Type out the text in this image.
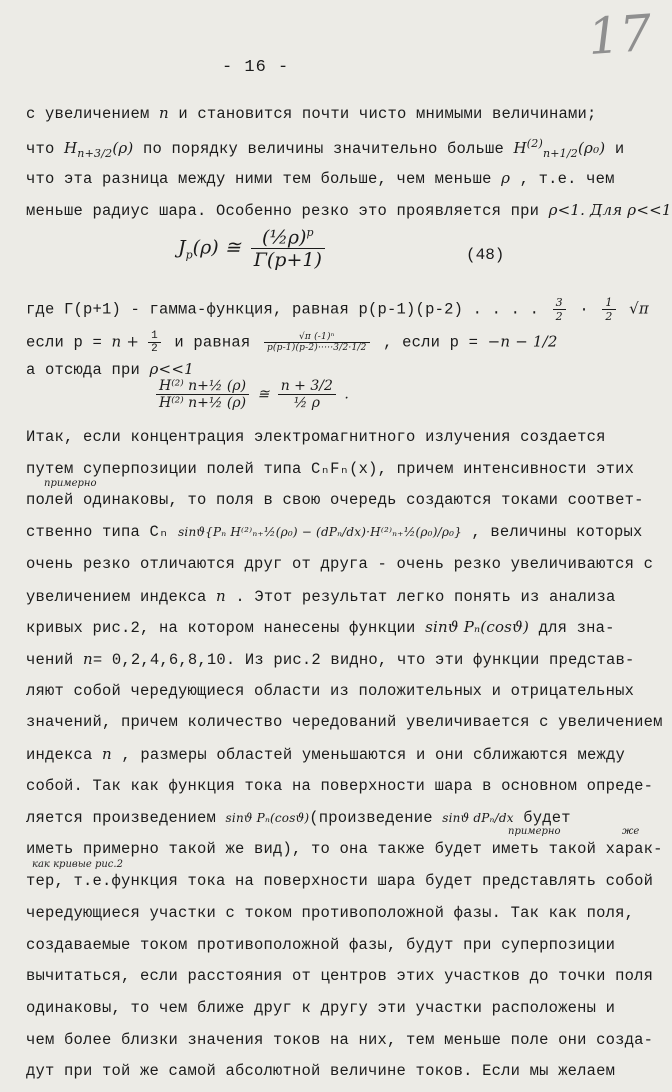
17
- 16 -
с увеличением n и становится почти чисто мнимыми величинами;
что $H_{n+3/2}(\rho)$ по порядку величины значительно больше $H^{(2)}_{n+1/2}(\rho_0)$ и
что эта разница между ними тем больше, чем меньше ρ , т.е. чем
меньше радиус шара. Особенно резко это проявляется при ρ<1. Для ρ<<1
$J_p(\rho)$ ≅ $\frac{(\frac{1}{2}\rho)^p}{\Gamma(p+1)}$	(48)
где Г(р+1) - гамма-функция, равная р(р-1)(р-2) . . . . $\frac{3}{2} \cdot \frac{1}{2} √\pi$
если $р = n + \frac{1}{2}$ и равная $\frac{\text{√π (-1)ⁿ}}{p(p-1)(p-2)\cdot\cdot\cdot\cdot\cdot 3/2\cdot 1/2}$ , если р = −n − 1/2
а отсюда при ρ<<1
$\frac{\text{H⁽²⁾ n+½ (ρ)}}{\text{H⁽²⁾ n+½ (ρ)}}$ ≅ $\frac{n + 3/2}{\text{½ ρ}}$ .
Итак, если концентрация электромагнитного излучения создается
путем суперпозиции полей типа CₙFₙ(x), причем интенсивности этих
примерно
полей одинаковы, то поля в свою очередь создаются токами соответ-
ственно типа Cₙ sinϑ{Pₙ H⁽²⁾ₙ₊½(ρ₀) − (dPₙ/dx)·H⁽²⁾ₙ₊½(ρ₀)/ρ₀} , величины которых
очень резко отличаются друг от друга - очень резко увеличиваются с
увеличением индекса n . Этот результат легко понять из анализа
кривых рис.2, на котором нанесены функции sinϑ Pₙ(cosϑ) для зна-
чений n= 0,2,4,6,8,10. Из рис.2 видно, что эти функции представ-
ляют собой чередующиеся области из положительных и отрицательных
значений, причем количество чередований увеличивается с увеличением
индекса n , размеры областей уменьшаются и они сближаются между
собой. Так как функция тока на поверхности шара в основном опреде-
ляется произведением sinϑ Pₙ(cosϑ)(произведение sinϑ dPₙ/dx будет
примерно	же
иметь примерно такой же вид), то она также будет иметь такой харак-
как кривые рис.2
тер, т.е.функция тока на поверхности шара будет представлять собой
чередующиеся участки с током противоположной фазы. Так как поля,
создаваемые током противоположной фазы, будут при суперпозиции
вычитаться, если расстояния от центров этих участков до точки поля
одинаковы, то чем ближе друг к другу эти участки расположены и
чем более близки значения токов на них, тем меньше поле они созда-
дут при той же самой абсолютной величине токов. Если мы желаем
